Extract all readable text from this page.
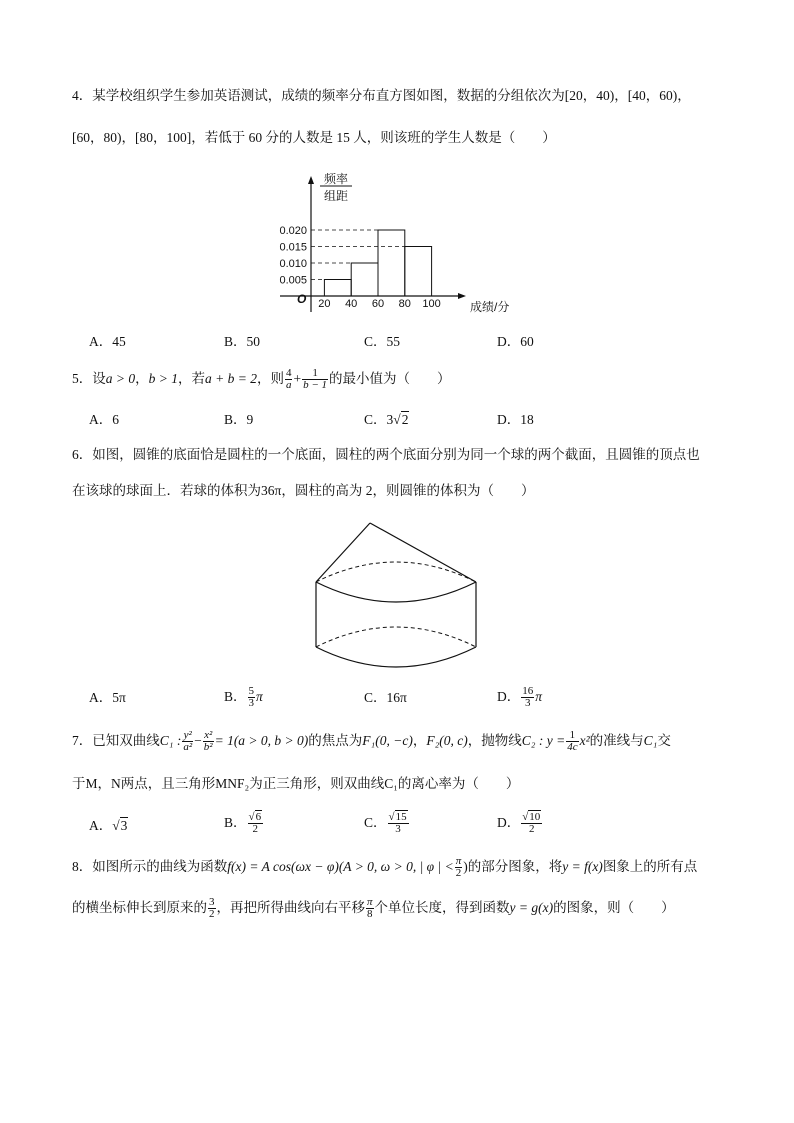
4．某学校组织学生参加英语测试，成绩的频率分布直方图如图，数据的分组依次为[20，40)，[40，60)，
[60，80)，[80，100]，若低于 60 分的人数是 15 人，则该班的学生人数是（　　）
0.005
0.010
0.015
0.020
20 40 60 80 100
O
频率
组距
成绩/分
A．45	B．50	C．55	D．60
5．设a > 0，b > 1，若a + b = 2，则 $\frac{4}{a} + \frac{1}{b - 1}$ 的最小值为（　　）
A．6	B．9	C．3√2	D．18
6．如图，圆锥的底面恰是圆柱的一个底面，圆柱的两个底面分别为同一个球的两个截面，且圆锥的顶点也
在该球的球面上．若球的体积为36π，圆柱的高为 2，则圆锥的体积为（　　）
A．5π	B． $\frac{5}{3}$ π	C．16π	D． $\frac{16}{3}$ π
7．已知双曲线C₁ : $\frac{\text{y²}}{\text{a²}} - \frac{\text{x²}}{\text{b²}} = 1(a > 0$, b > 0)的焦点为F₁(0, −c)，F₂(0, c)，抛物线C₂ : $y = \frac{1}{4c} x^2$的准线与C₁交
于M，N两点，且三角形MNF₂为正三角形，则双曲线C₁的离心率为（　　）
A．√3	B． $\frac{√6}{2}$	C． $\frac{√15}{3}$	D． $\frac{√10}{2}$
8．如图所示的曲线为函数f(x) = A cos(ωx − φ)(A > 0, ω > 0, | φ | < $\frac{\pi}{2}$ )的部分图象，将y = f(x)图象上的所有点
的横坐标伸长到原来的 $\frac{3}{2}$ ，再把所得曲线向右平移 $\frac{\pi}{8}$ 个单位长度，得到函数y = g(x)的图象，则（　　）
